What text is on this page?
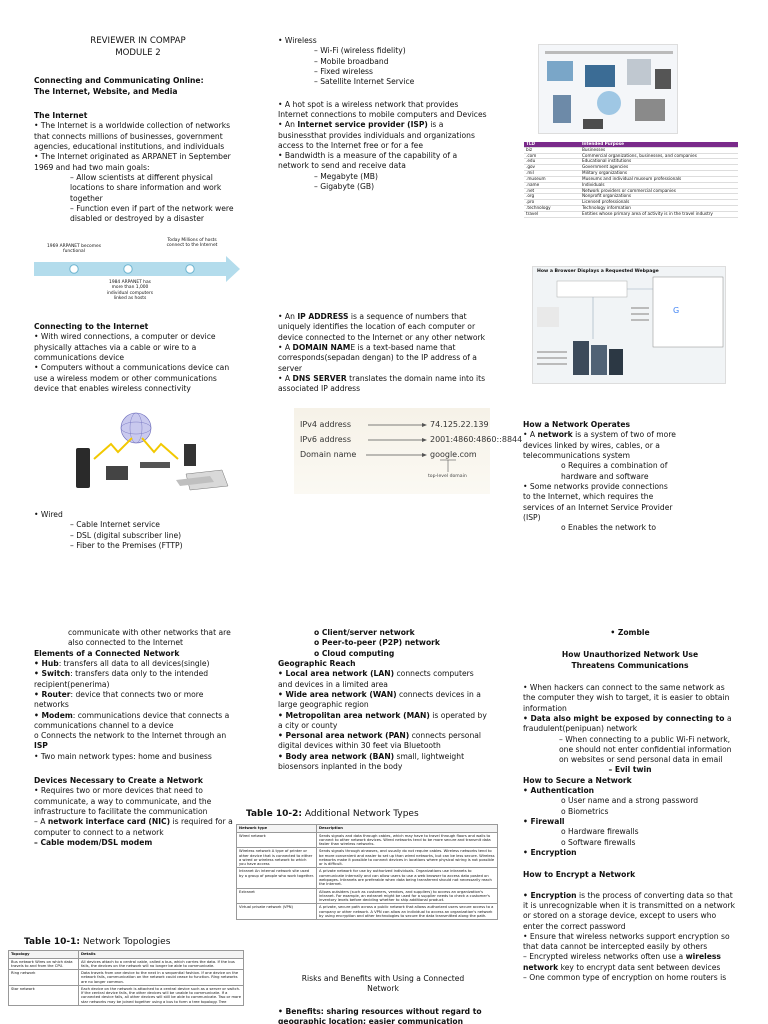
REVIEWER IN COMPAP

MODULE 2

Connecting and Communicating Online:

The Internet, Website, and Media

The Internet

• The Internet is a worldwide collection of networks that connects millions of businesses, government agencies, educational institutions, and individuals

• The Internet originated as ARPANET in September 1969 and had two main goals:

– Allow scientists at different physical locations to share information and work together

– Function even if part of the network were disabled or destroyed by a disaster

1969 ARPANET becomes functional
Today Millions of hosts connect to the Internet
1984 ARPANET has more than 1,000 individual computers linked as hosts

Connecting to the Internet

• With wired connections, a computer or device physically attaches via a cable or wire to a communications device

• Computers without a communications device can use a wireless modem or other communications device that enables wireless connectivity

• Wired

– Cable Internet service

– DSL (digital subscriber line)

– Fiber to the Premises (FTTP)

• Wireless

– Wi-Fi (wireless fidelity)

– Mobile broadband

– Fixed wireless

– Satellite Internet Service

• A hot spot is a wireless network that provides Internet connections to mobile computers and Devices

• An Internet service provider (ISP) is a businessthat provides individuals and organizations access to the Internet free or for a fee

• Bandwidth is a measure of the capability of a network to send and receive data

– Megabyte (MB)

– Gigabyte (GB)

• An IP ADDRESS is a sequence of numbers that uniquely identifies the location of each computer or device connected to the Internet or any other network

• A DOMAIN NAME is a text-based name that corresponds(sepadan dengan) to the IP address of a server

• A DNS SERVER translates the domain name into its associated IP address

IPv4 address	74.125.22.139
IPv6 address	2001:4860:4860::8844
Domain name	google.com
top-level domain
TLD	Intended Purpose
biz	Businesses
.com	Commercial organizations, businesses, and companies
.edu	Educational institutions
.gov	Government agencies
.mil	Military organizations
.museum	Museums and individual museum professionals
.name	Individuals
.net	Network providers or commercial companies
.org	Nonprofit organizations
.pro	Licensed professionals
.technology	Technology information
travel	Entities whose primary area of activity is in the travel industry
How a Browser Displays a Requested Webpage
G

How a Network Operates

• A network is a system of two of more devices linked by wires, cables, or a telecommunications system

o Requires a combination of hardware and software

• Some networks provide connections to the Internet, which requires the services of an Internet Service Provider (ISP)

o Enables the network to

communicate with other networks that are also connected to the Internet

Elements of a Connected Network

• Hub: transfers all data to all devices(single)

• Switch: transfers data only to the intended recipient(penerima)

• Router: device that connects two or more networks

• Modem: communications device that connects a communications channel to a device

o Connects the network to the Internet through an ISP

• Two main network types: home and business

Devices Necessary to Create a Network

• Requires two or more devices that need to communicate, a way to communicate, and the infrastructure to facilitate the communication

– A network interface card (NIC) is required for a computer to connect to a network

– Cable modem/DSL modem

Table 10-1: Network Topologies

Topology	Details
Bus network Wires on which data travels to and from the CPU.	All devices attach to a central cable, called a bus, which carries the data. If the bus fails, the devices on the network will no longer be able to communicate.
Ring network	Data travels from one device to the next in a sequential fashion. If one device on the network fails, communication on the network could cease to function. Ring networks are no longer common.
Star network	Each device on the network is attached to a central device such as a server or switch. If the central device fails, the other devices will be unable to communicate. If a connected device fails, all other devices will still be able to communicate. Two or more star networks may be joined together using a bus to form a tree topology. Tree

o Client/server network

o Peer-to-peer (P2P) network

o Cloud computing

Geographic Reach

• Local area network (LAN) connects computers and devices in a limited area

• Wide area network (WAN) connects devices in a large geographic region

• Metropolitan area network (MAN) is operated by a city or county

• Personal area network (PAN) connects personal digital devices within 30 feet via Bluetooth

• Body area network (BAN) small, lightweight biosensors inplanted in the body

Table 10-2: Additional Network Types

Network type	Description
Wired network	Sends signals and data through cables, which may have to travel through floors and walls to connect to other network devices. Wired networks tend to be more secure and transmit data faster than wireless networks.
Wireless network A type of printer or other device that is connected to either a wired or wireless network to which you have access	Sends signals through airwaves, and usually do not require cables. Wireless networks tend to be more convenient and easier to set up than wired networks, but can be less secure. Wireless networks make it possible to connect devices in locations where physical wiring is not possible or is difficult.
Intranet An internal network site used by a group of people who work together.	A private network for use by authorized individuals. Organizations use intranets to communicate internally and can allow users to use a web browser to access data posted on webpages. Intranets are preferable when data being transferred should not necessarily reach the Internet.
Extranet	Allows outsiders (such as customers, vendors, and suppliers) to access an organization's intranet. For example, an extranet might be used for a supplier needs to check a customer's inventory levels before deciding whether to ship additional product.
Virtual private network (VPN)	A private, secure path across a public network that allows authorized users secure access to a company or other network. A VPN can allow an individual to access an organization's network by using encryption and other technologies to secure the data transmitted along the path.

Risks and Benefits with Using a Connected Network

• Benefits: sharing resources without regard to geographic location; easier communication

• Zomble

How Unauthorized Network Use Threatens Communications

• When hackers can connect to the same network as the computer they wish to target, it is easier to obtain information

• Data also might be exposed by connecting to a fraudulent(penipuan) network

– When connecting to a public Wi-Fi network, one should not enter confidential information on websites or send personal data in email

– Evil twin

How to Secure a Network

• Authentication

o User name and a strong password

o Biometrics

• Firewall

o Hardware firewalls

o Software firewalls

• Encryption

How to Encrypt a Network

• Encryption is the process of converting data so that it is unrecognizable when it is transmitted on a network or stored on a storage device, except to users who enter the correct password

• Ensure that wireless networks support encryption so that data cannot be intercepted easily by others

– Encrypted wireless networks often use a wireless network key to encrypt data sent between devices

– One common type of encryption on home routers is
